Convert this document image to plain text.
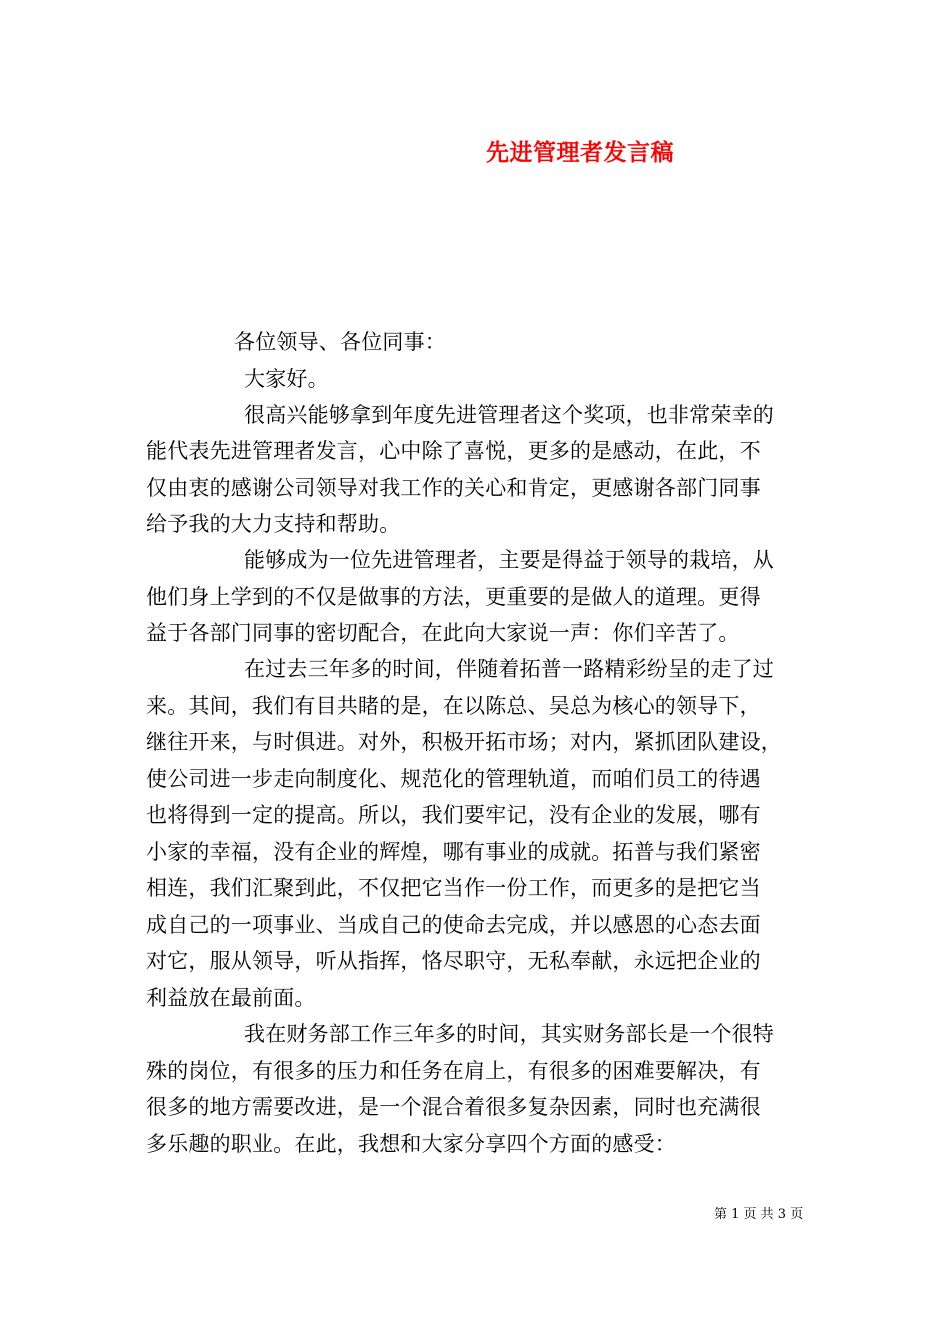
先进管理者发言稿
各位领导、各位同事：
大家好。
很高兴能够拿到年度先进管理者这个奖项，也非常荣幸的
能代表先进管理者发言，心中除了喜悦，更多的是感动，在此，不
仅由衷的感谢公司领导对我工作的关心和肯定，更感谢各部门同事
给予我的大力支持和帮助。
能够成为一位先进管理者，主要是得益于领导的栽培，从
他们身上学到的不仅是做事的方法，更重要的是做人的道理。更得
益于各部门同事的密切配合，在此向大家说一声：你们辛苦了。
在过去三年多的时间，伴随着拓普一路精彩纷呈的走了过
来。其间，我们有目共睹的是，在以陈总、吴总为核心的领导下，
继往开来，与时俱进。对外，积极开拓市场；对内，紧抓团队建设，
使公司进一步走向制度化、规范化的管理轨道，而咱们员工的待遇
也将得到一定的提高。所以，我们要牢记，没有企业的发展，哪有
小家的幸福，没有企业的辉煌，哪有事业的成就。拓普与我们紧密
相连，我们汇聚到此，不仅把它当作一份工作，而更多的是把它当
成自己的一项事业、当成自己的使命去完成，并以感恩的心态去面
对它，服从领导，听从指挥，恪尽职守，无私奉献，永远把企业的
利益放在最前面。
我在财务部工作三年多的时间，其实财务部长是一个很特
殊的岗位，有很多的压力和任务在肩上，有很多的困难要解决，有
很多的地方需要改进，是一个混合着很多复杂因素，同时也充满很
多乐趣的职业。在此，我想和大家分享四个方面的感受：
第 1 页 共 3 页
